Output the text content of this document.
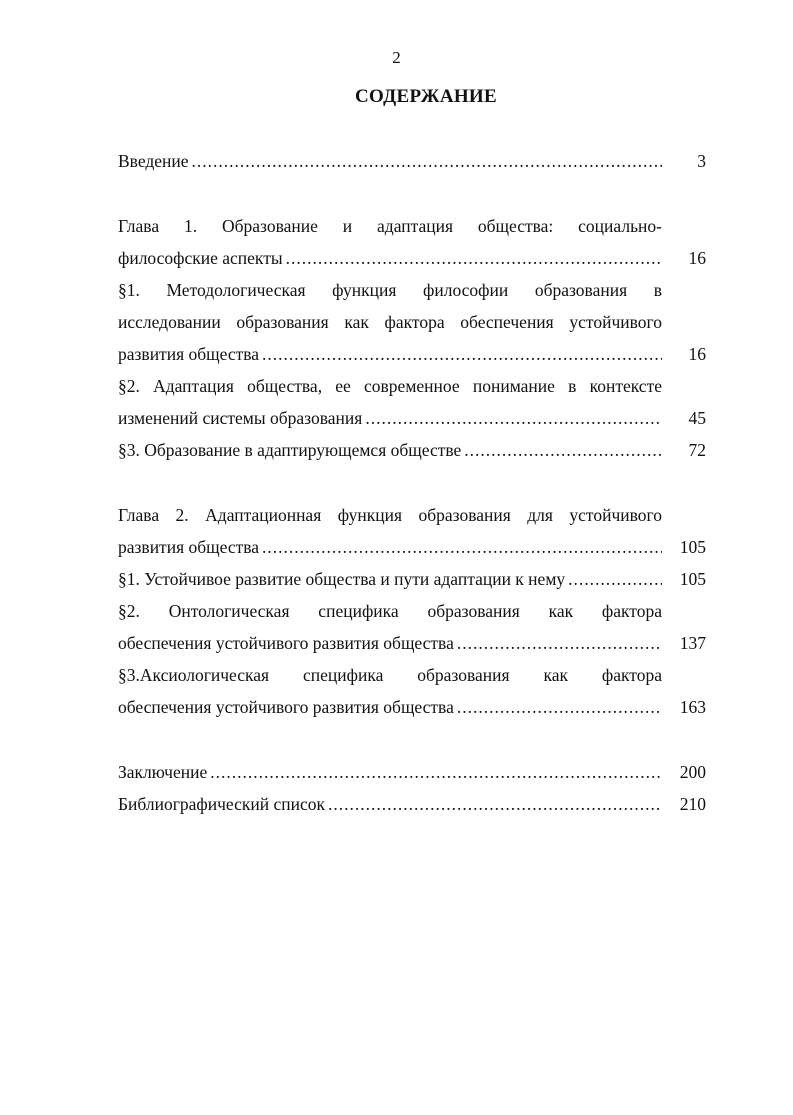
2
СОДЕРЖАНИЕ
Введение .....	3
Глава 1. Образование и адаптация общества: социально-
философские аспекты .....	16
§1. Методологическая функция философии образования в
исследовании образования как фактора обеспечения устойчивого
развития общества .....	16
§2. Адаптация общества, ее современное понимание в контексте
изменений системы образования .....	45
§3. Образование в адаптирующемся обществе .....	72
Глава 2. Адаптационная функция образования для устойчивого
развития общества .....	105
§1. Устойчивое развитие общества и пути адаптации к нему .....	105
§2. Онтологическая специфика образования как фактора
обеспечения устойчивого развития общества .....	137
§3.Аксиологическая специфика образования как фактора
обеспечения устойчивого развития общества .....	163
Заключение .....	200
Библиографический список .....	210
